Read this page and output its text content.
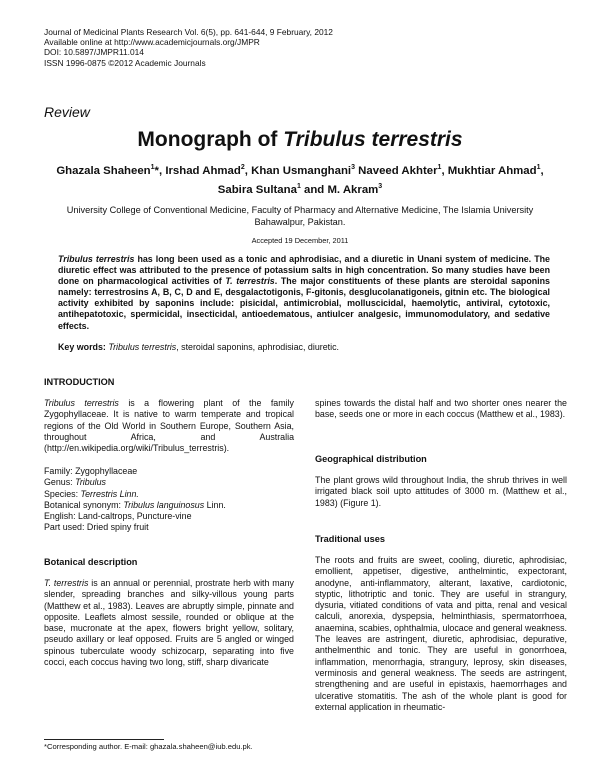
Journal of Medicinal Plants Research Vol. 6(5), pp. 641-644, 9 February, 2012
Available online at http://www.academicjournals.org/JMPR
DOI: 10.5897/JMPR11.014
ISSN 1996-0875 ©2012 Academic Journals
Review
Monograph of Tribulus terrestris
Ghazala Shaheen$^1$*, Irshad Ahmad$^2$, Khan Usmanghani$^3$ Naveed Akhter$^1$, Mukhtiar Ahmad$^1$,
Sabira Sultana$^1$ and M. Akram$^3$
University College of Conventional Medicine, Faculty of Pharmacy and Alternative Medicine, The Islamia University Bahawalpur, Pakistan.
Accepted 19 December, 2011
Tribulus terrestris has long been used as a tonic and aphrodisiac, and a diuretic in Unani system of medicine. The diuretic effect was attributed to the presence of potassium salts in high concentration. So many studies have been done on pharmacological activities of T. terrestris. The major constituents of these plants are steroidal saponins namely: terrestrosins A, B, C, D and E, desgalactotigonis, F-gitonis, desglucolanatigoneis, gitnin etc. The biological activity exhibited by saponins include: pisicidal, antimicrobial, molluscicidal, haemolytic, antiviral, cytotoxic, antihepatotoxic, spermicidal, insecticidal, antioedematous, antiulcer analgesic, immunomodulatory, and sedative effects.
Key words: Tribulus terrestris, steroidal saponins, aphrodisiac, diuretic.
INTRODUCTION
Tribulus terrestris is a flowering plant of the family Zygophyllaceae. It is native to warm temperate and tropical regions of the Old World in Southern Europe, Southern Asia, throughout Africa, and Australia (http://en.wikipedia.org/wiki/Tribulus_terrestris).
Family: Zygophyllaceae
Genus: Tribulus
Species: Terrestris Linn.
Botanical synonym: Tribulus languinosus Linn.
English: Land-caltrops, Puncture-vine
Part used: Dried spiny fruit
Botanical description
T. terrestris is an annual or perennial, prostrate herb with many slender, spreading branches and silky-villous young parts (Matthew et al., 1983). Leaves are abruptly simple, pinnate and opposite. Leaflets almost sessile, rounded or oblique at the base, mucronate at the apex, flowers bright yellow, solitary, pseudo axillary or leaf opposed. Fruits are 5 angled or winged spinous tuberculate woody schizocarp, separating into five cocci, each coccus having two long, stiff, sharp divaricate
spines towards the distal half and two shorter ones nearer the base, seeds one or more in each coccus (Matthew et al., 1983).
Geographical distribution
The plant grows wild throughout India, the shrub thrives in well irrigated black soil upto attitudes of 3000 m. (Matthew et al., 1983) (Figure 1).
Traditional uses
The roots and fruits are sweet, cooling, diuretic, aphrodisiac, emollient, appetiser, digestive, anthelmintic, expectorant, anodyne, anti-inflammatory, alterant, laxative, cardiotonic, styptic, lithotriptic and tonic. They are useful in strangury, dysuria, vitiated conditions of vata and pitta, renal and vesical calculi, anorexia, dyspepsia, helminthiasis, spermatorrhoea, anaemina, scabies, ophthalmia, ulocace and general weakness. The leaves are astringent, diuretic, aphrodisiac, depurative, anthelmenthic and tonic. They are useful in gonorrhoea, inflammation, menorrhagia, strangury, leprosy, skin diseases, verminosis and general weakness. The seeds are astringent, strengthening and are useful in epistaxis, haemorrhages and ulcerative stomatitis. The ash of the whole plant is good for external application in rheumatic-
*Corresponding author. E-mail: ghazala.shaheen@iub.edu.pk.
